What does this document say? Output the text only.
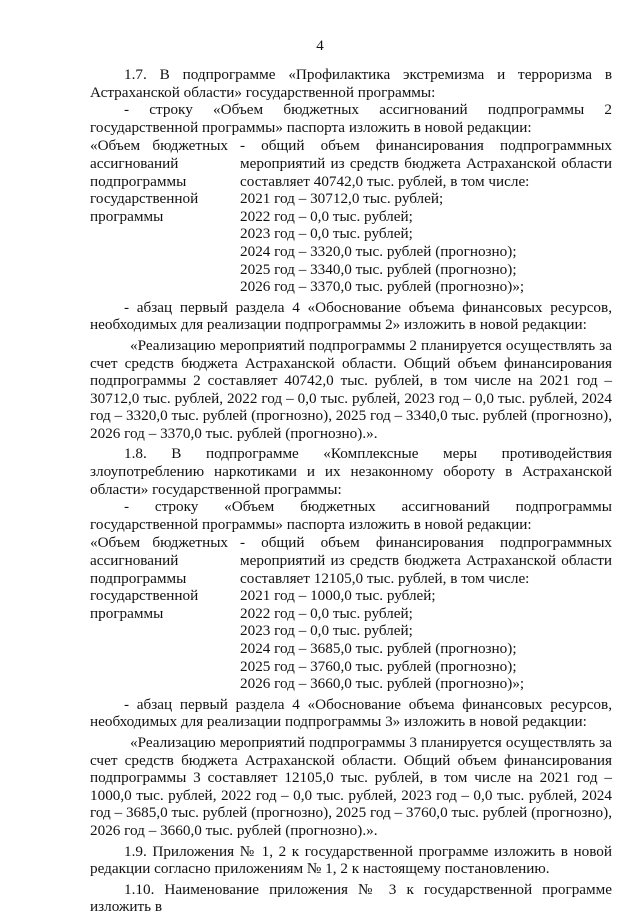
4

1.7. В подпрограмме «Профилактика экстремизма и терроризма в Астраханской области» государственной программы:

- строку «Объем бюджетных ассигнований подпрограммы 2 государственной программы» паспорта изложить в новой редакции:

«Объем бюджетных ассигнований подпрограммы государственной программы

- общий объем финансирования подпрограммных мероприятий из средств бюджета Астраханской области составляет 40742,0 тыс. рублей, в том числе:

2021 год – 30712,0 тыс. рублей;

2022 год – 0,0 тыс. рублей;

2023 год – 0,0 тыс. рублей;

2024 год – 3320,0 тыс. рублей (прогнозно);

2025 год – 3340,0 тыс. рублей (прогнозно);

2026 год – 3370,0 тыс. рублей (прогнозно)»;

- абзац первый раздела 4 «Обоснование объема финансовых ресурсов, необходимых для реализации подпрограммы 2» изложить в новой редакции:

«Реализацию мероприятий подпрограммы 2 планируется осуществлять за счет средств бюджета Астраханской области. Общий объем финансирования подпрограммы 2 составляет 40742,0 тыс. рублей, в том числе на 2021 год – 30712,0 тыс. рублей, 2022 год – 0,0 тыс. рублей, 2023 год – 0,0 тыс. рублей, 2024 год – 3320,0 тыс. рублей (прогнозно), 2025 год – 3340,0 тыс. рублей (прогнозно), 2026 год – 3370,0 тыс. рублей (прогнозно).».

1.8. В подпрограмме «Комплексные меры противодействия злоупотреблению наркотиками и их незаконному обороту в Астраханской области» государственной программы:

- строку «Объем бюджетных ассигнований подпрограммы государственной программы» паспорта изложить в новой редакции:

«Объем бюджетных ассигнований подпрограммы государственной программы

- общий объем финансирования подпрограммных мероприятий из средств бюджета Астраханской области составляет 12105,0 тыс. рублей, в том числе:

2021 год – 1000,0 тыс. рублей;

2022 год – 0,0 тыс. рублей;

2023 год – 0,0 тыс. рублей;

2024 год – 3685,0 тыс. рублей (прогнозно);

2025 год – 3760,0 тыс. рублей (прогнозно);

2026 год – 3660,0 тыс. рублей (прогнозно)»;

- абзац первый раздела 4 «Обоснование объема финансовых ресурсов, необходимых для реализации подпрограммы 3» изложить в новой редакции:

«Реализацию мероприятий подпрограммы 3 планируется осуществлять за счет средств бюджета Астраханской области. Общий объем финансирования подпрограммы 3 составляет 12105,0 тыс. рублей, в том числе на 2021 год – 1000,0 тыс. рублей, 2022 год – 0,0 тыс. рублей, 2023 год – 0,0 тыс. рублей, 2024 год – 3685,0 тыс. рублей (прогнозно), 2025 год – 3760,0 тыс. рублей (прогнозно), 2026 год – 3660,0 тыс. рублей (прогнозно).».

1.9. Приложения № 1, 2 к государственной программе изложить в новой редакции согласно приложениям № 1, 2 к настоящему постановлению.

1.10. Наименование приложения № 3 к государственной программе изложить в
